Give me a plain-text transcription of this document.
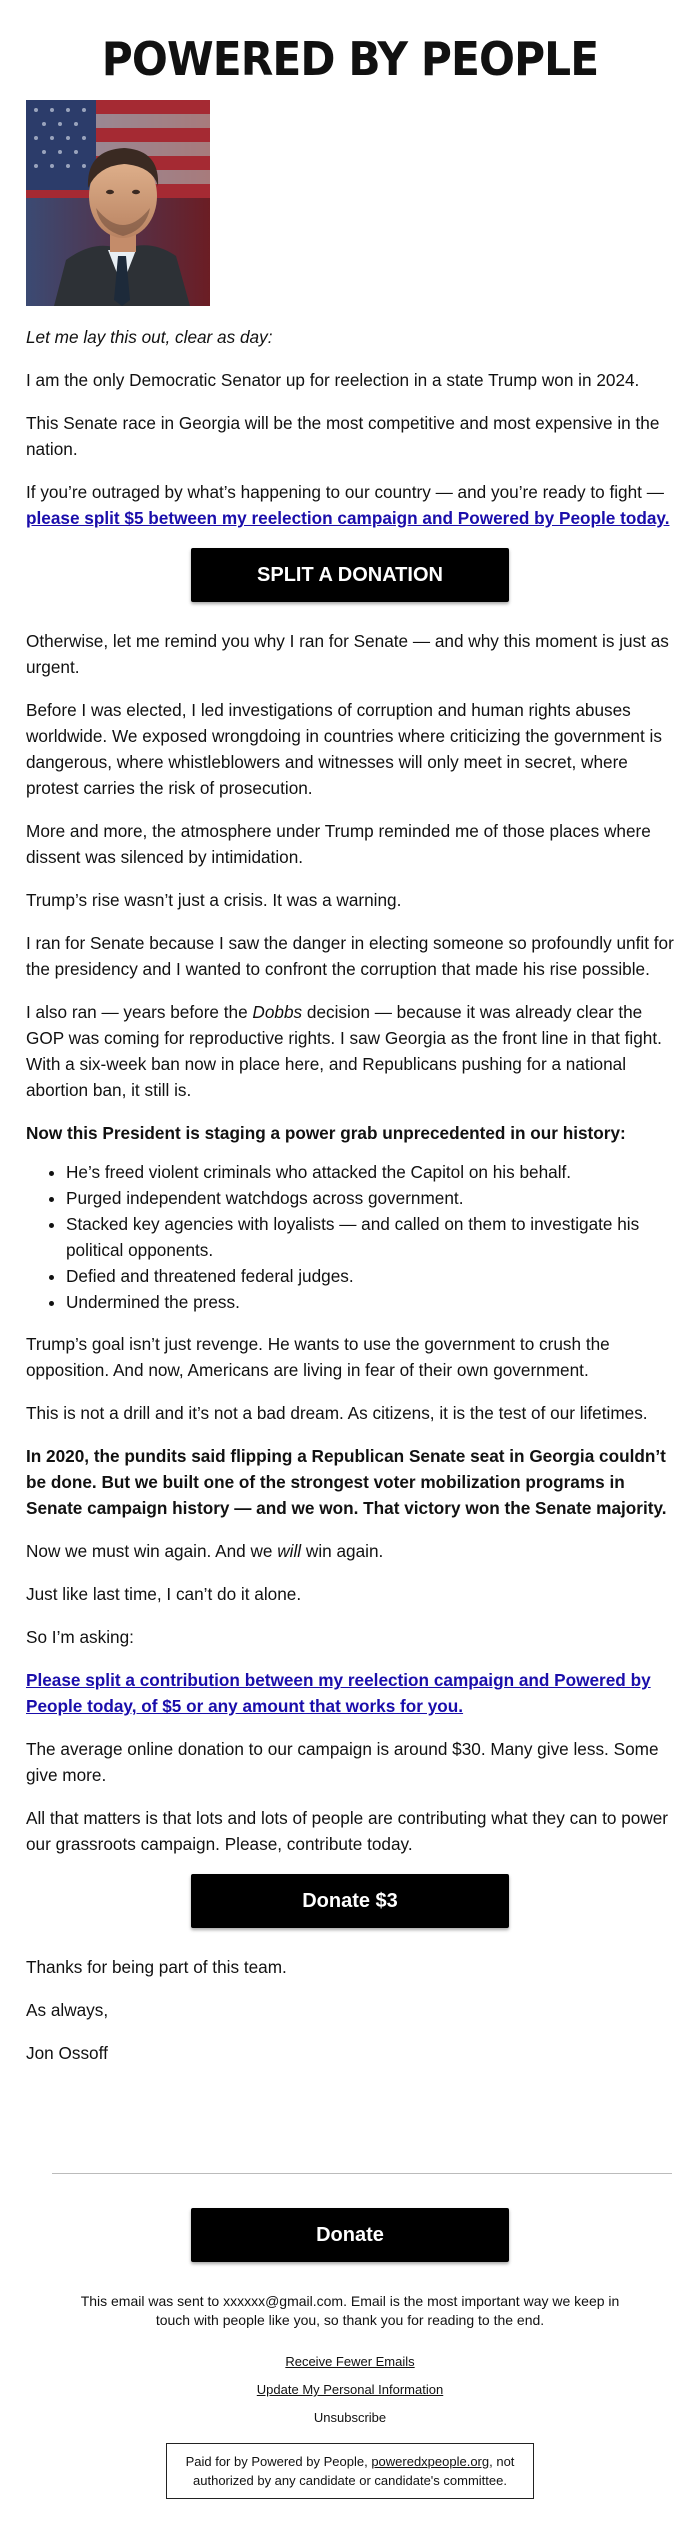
POWERED BY PEOPLE

Let me lay this out, clear as day:

I am the only Democratic Senator up for reelection in a state Trump won in 2024.

This Senate race in Georgia will be the most competitive and most expensive in the nation.

If you’re outraged by what’s happening to our country — and you’re ready to fight — please split $5 between my reelection campaign and Powered by People today.

SPLIT A DONATION

Otherwise, let me remind you why I ran for Senate — and why this moment is just as urgent.

Before I was elected, I led investigations of corruption and human rights abuses worldwide. We exposed wrongdoing in countries where criticizing the government is dangerous, where whistleblowers and witnesses will only meet in secret, where protest carries the risk of prosecution.

More and more, the atmosphere under Trump reminded me of those places where dissent was silenced by intimidation.

Trump’s rise wasn’t just a crisis. It was a warning.

I ran for Senate because I saw the danger in electing someone so profoundly unfit for the presidency and I wanted to confront the corruption that made his rise possible.

I also ran — years before the Dobbs decision — because it was already clear the GOP was coming for reproductive rights. I saw Georgia as the front line in that fight. With a six-week ban now in place here, and Republicans pushing for a national abortion ban, it still is.

Now this President is staging a power grab unprecedented in our history:

• He’s freed violent criminals who attacked the Capitol on his behalf.
• Purged independent watchdogs across government.
• Stacked key agencies with loyalists — and called on them to investigate his political opponents.
• Defied and threatened federal judges.
• Undermined the press.

Trump’s goal isn’t just revenge. He wants to use the government to crush the opposition. And now, Americans are living in fear of their own government.

This is not a drill and it’s not a bad dream. As citizens, it is the test of our lifetimes.

In 2020, the pundits said flipping a Republican Senate seat in Georgia couldn’t be done. But we built one of the strongest voter mobilization programs in Senate campaign history — and we won. That victory won the Senate majority.

Now we must win again. And we will win again.

Just like last time, I can’t do it alone.

So I’m asking:

Please split a contribution between my reelection campaign and Powered by People today, of $5 or any amount that works for you.

The average online donation to our campaign is around $30. Many give less. Some give more.

All that matters is that lots and lots of people are contributing what they can to power our grassroots campaign. Please, contribute today.

Donate $3

Thanks for being part of this team.

As always,

Jon Ossoff

Donate

This email was sent to xxxxxx@gmail.com. Email is the most important way we keep in touch with people like you, so thank you for reading to the end.

Receive Fewer Emails
Update My Personal Information
Unsubscribe
Paid for by Powered by People, poweredxpeople.org, not authorized by any candidate or candidate's committee.
